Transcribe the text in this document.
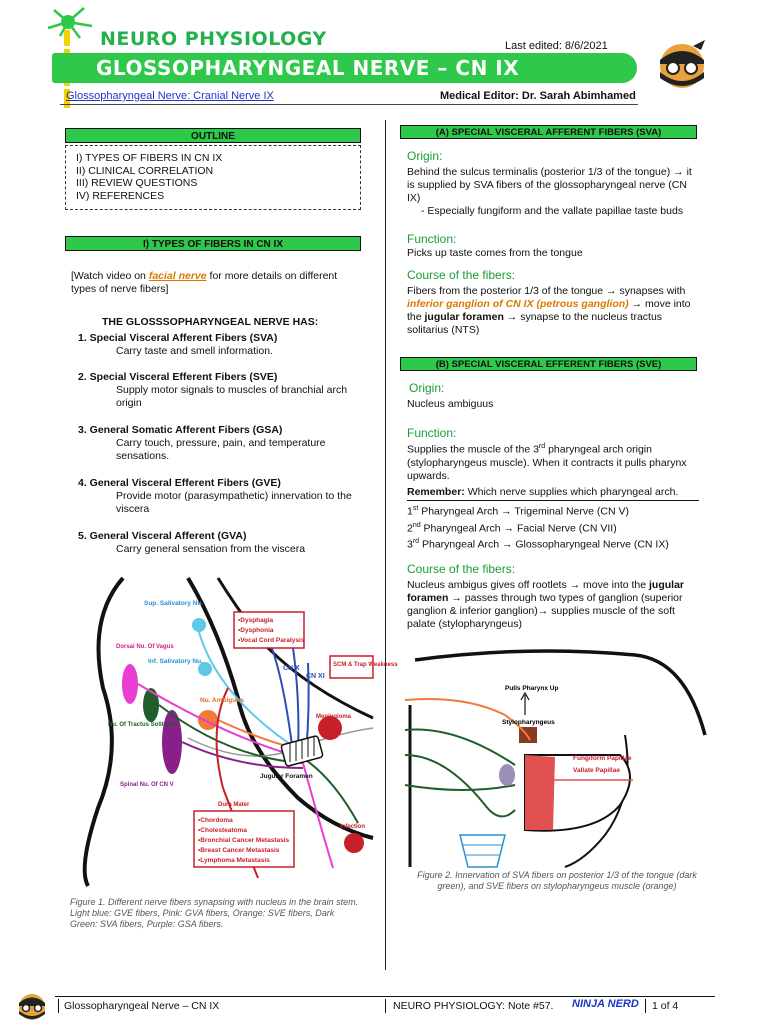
NEURO PHYSIOLOGY	Last edited: 8/6/2021
GLOSSOPHARYNGEAL NERVE – CN IX
Glossopharyngeal Nerve: Cranial Nerve IX	Medical Editor: Dr. Sarah Abimhamed
OUTLINE
I) TYPES OF FIBERS IN CN IX
II) CLINICAL CORRELATION
III) REVIEW QUESTIONS
IV) REFERENCES
I) TYPES OF FIBERS IN CN IX
[Watch video on facial nerve for more details on different types of nerve fibers]
THE GLOSSSOPHARYNGEAL NERVE HAS:
1. Special Visceral Afferent Fibers (SVA)
Carry taste and smell information.
2. Special Visceral Efferent Fibers (SVE)
Supply motor signals to muscles of branchial arch origin
3. General Somatic Afferent Fibers (GSA)
Carry touch, pressure, pain, and temperature sensations.
4. General Visceral Efferent Fibers (GVE)
Provide motor (parasympathetic) innervation to the viscera
5. General Visceral Afferent (GVA)
Carry general sensation from the viscera
•Dysphagia
•Dysphonia
•Vocal Cord Paralysis
•Chordoma
•Cholesteatoma
•Bronchial Cancer Metastasis
•Breast Cancer Metastasis
•Lymphoma Metastasis
SCM & Trap Weakness
Sup. Salivatory Nu.
Dorsal Nu. Of Vagus
Inf. Salivatory Nu.
Nu. Ambiguus
Nu. Of Tractus Solitarius
Spinal Nu. Of CN V
CN X
CN XI
Meningioma
Jugular Foramen
Dura Mater
Infection
Figure 1. Different nerve fibers synapsing with nucleus in the brain stem. Light blue: GVE fibers, Pink: GVA fibers, Orange: SVE fibers, Dark Green: SVA fibers, Purple: GSA fibers.
(A) SPECIAL VISCERAL AFFERENT FIBERS (SVA)
Origin:
Behind the sulcus terminalis (posterior 1/3 of the tongue) → it is supplied by SVA fibers of the glossopharyngeal nerve (CN IX)
- Especially fungiform and the vallate papillae taste buds
Function:
Picks up taste comes from the tongue
Course of the fibers:
Fibers from the posterior 1/3 of the tongue → synapses with inferior ganglion of CN IX (petrous ganglion) → move into the jugular foramen → synapse to the nucleus tractus solitarius (NTS)
(B) SPECIAL VISCERAL EFFERENT FIBERS (SVE)
Origin:
Nucleus ambiguus
Function:
Supplies the muscle of the 3rd pharyngeal arch origin (stylopharyngeus muscle). When it contracts it pulls pharynx upwards.
Remember: Which nerve supplies which pharyngeal arch.
1st Pharyngeal Arch → Trigeminal Nerve (CN V)
2nd Pharyngeal Arch → Facial Nerve (CN VII)
3rd Pharyngeal Arch → Glossopharyngeal Nerve (CN IX)
Course of the fibers:
Nucleus ambigus gives off rootlets → move into the jugular foramen → passes through two types of ganglion (superior ganglion & inferior ganglion)→ supplies muscle of the soft palate (stylopharyngeus)
Pulls Pharynx Up
Stylopharyngeus
Fungiform Papillae
Vallate Papillae
Figure 2. Innervation of SVA fibers on posterior 1/3 of the tongue (dark green), and SVE fibers on stylopharyngeus muscle (orange)
Glossopharyngeal Nerve – CN IX	NEURO PHYSIOLOGY: Note #57. NINJA NERD 1 of 4
